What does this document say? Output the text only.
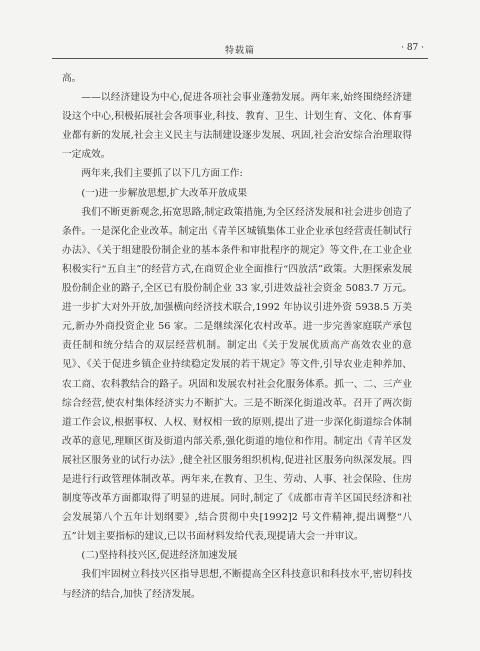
特载篇	· 87 ·

高。

——以经济建设为中心,促进各项社会事业蓬勃发展。两年来,始终围绕经济建设这个中心,积极拓展社会各项事业,科技、教育、卫生、计划生育、文化、体育事业都有新的发展,社会主义民主与法制建设逐步发展、巩固,社会治安综合治理取得一定成效。

两年来,我们主要抓了以下几方面工作:

(一)进一步解放思想,扩大改革开放成果

我们不断更新观念,拓宽思路,制定政策措施,为全区经济发展和社会进步创造了条件。一是深化企业改革。制定出《青羊区城镇集体工业企业承包经营责任制试行办法》、《关于组建股份制企业的基本条件和审批程序的规定》等文件,在工业企业积极实行“五自主”的经营方式,在商贸企业全面推行“四放活”政策。大胆探索发展股份制企业的路子,全区已有股份制企业 33 家,引进效益社会资金 5083.7 万元。进一步扩大对外开放,加强横向经济技术联合,1992 年协议引进外资 5938.5 万美元,新办外商投资企业 56 家。二是继续深化农村改革。进一步完善家庭联产承包责任制和统分结合的双层经营机制。制定出《关于发展优质高产高效农业的意见》、《关于促进乡镇企业持续稳定发展的若干规定》等文件,引导农业走种养加、农工商、农科教结合的路子。巩固和发展农村社会化服务体系。抓一、二、三产业综合经营,使农村集体经济实力不断扩大。三是不断深化街道改革。召开了两次街道工作会议,根据事权、人权、财权相一致的原则,提出了进一步深化街道综合体制改革的意见,理顺区街及街道内部关系,强化街道的地位和作用。制定出《青羊区发展社区服务业的试行办法》,健全社区服务组织机构,促进社区服务向纵深发展。四是进行行政管理体制改革。两年来,在教育、卫生、劳动、人事、社会保险、住房制度等改革方面都取得了明显的进展。同时,制定了《成都市青羊区国民经济和社会发展第八个五年计划纲要》,结合贯彻中央[1992]2 号文件精神,提出调整“八五”计划主要指标的建议,已以书面材料发给代表,现提请大会一并审议。

(二)坚持科技兴区,促进经济加速发展

我们牢固树立科技兴区指导思想,不断提高全区科技意识和科技水平,密切科技与经济的结合,加快了经济发展。
